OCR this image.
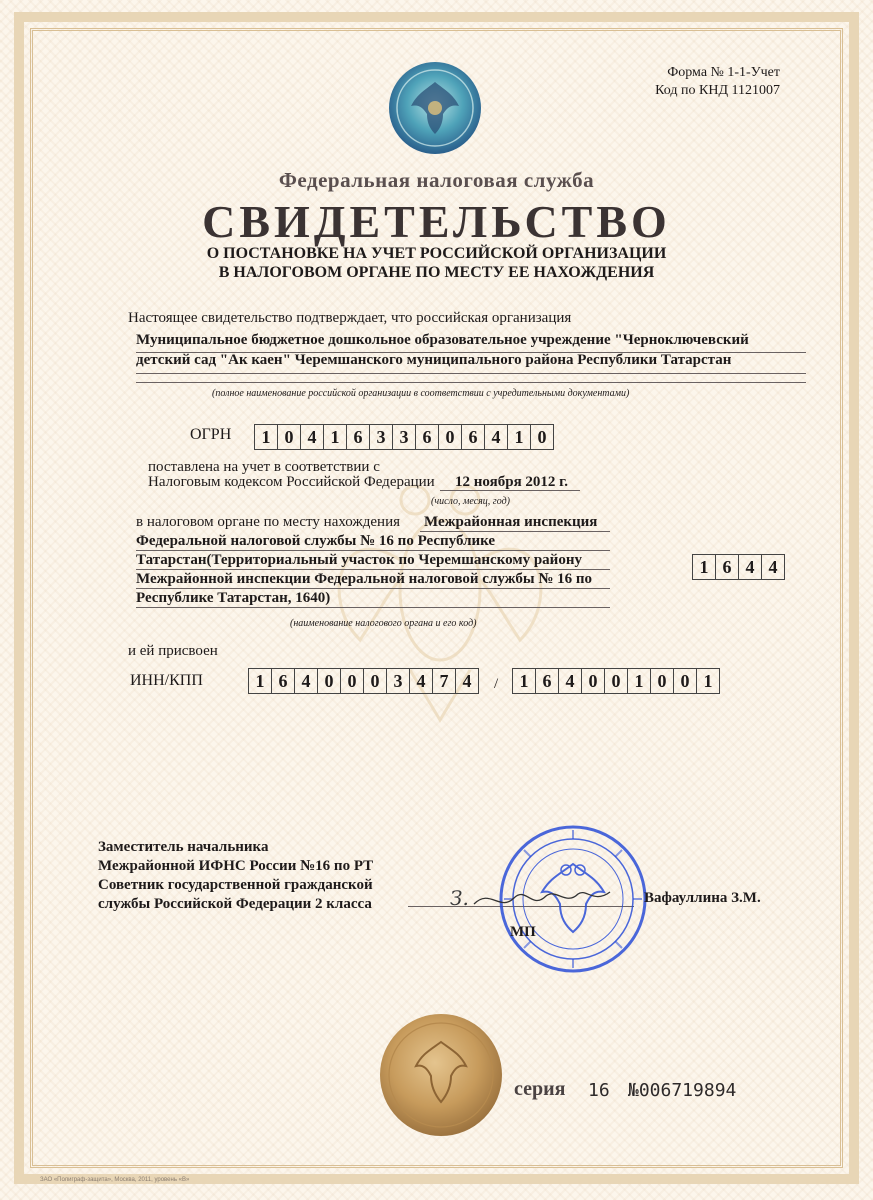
Форма № 1-1-Учет
Код по КНД 1121007
Федеральная налоговая служба
СВИДЕТЕЛЬСТВО
О ПОСТАНОВКЕ НА УЧЕТ РОССИЙСКОЙ ОРГАНИЗАЦИИ
В НАЛОГОВОМ ОРГАНЕ ПО МЕСТУ ЕЕ НАХОЖДЕНИЯ
Настоящее свидетельство подтверждает, что российская организация
Муниципальное бюджетное дошкольное образовательное учреждение "Черноключевский
детский сад "Ак каен" Черемшанского муниципального района Республики Татарстан
(полное наименование российской организации в соответствии с учредительными документами)
ОГРН	1 0 4 1 6 3 3 6 0 6 4 1 0
поставлена на учет в соответствии с
Налоговым кодексом Российской Федерации 12 ноября 2012 г.
(число, месяц, год)
в налоговом органе по месту нахождения Межрайонная инспекция
Федеральной налоговой службы № 16 по Республике
Татарстан(Территориальный участок по Черемшанскому району
Межрайонной инспекции Федеральной налоговой службы № 16 по
Республике Татарстан, 1640)
1 6 4 4
(наименование налогового органа и его код)
и ей присвоен
ИНН/КПП	1 6 4 0 0 0 3 4 7 4	/	1 6 4 0 0 1 0 0 1
Заместитель начальника
Межрайонной ИФНС России №16 по РТ
Советник государственной гражданской
службы Российской Федерации 2 класса	З.	Вафауллина З.М.
МП
серия 16 №006719894
ЗАО «Полиграф-защита», Москва, 2011, уровень «В»
